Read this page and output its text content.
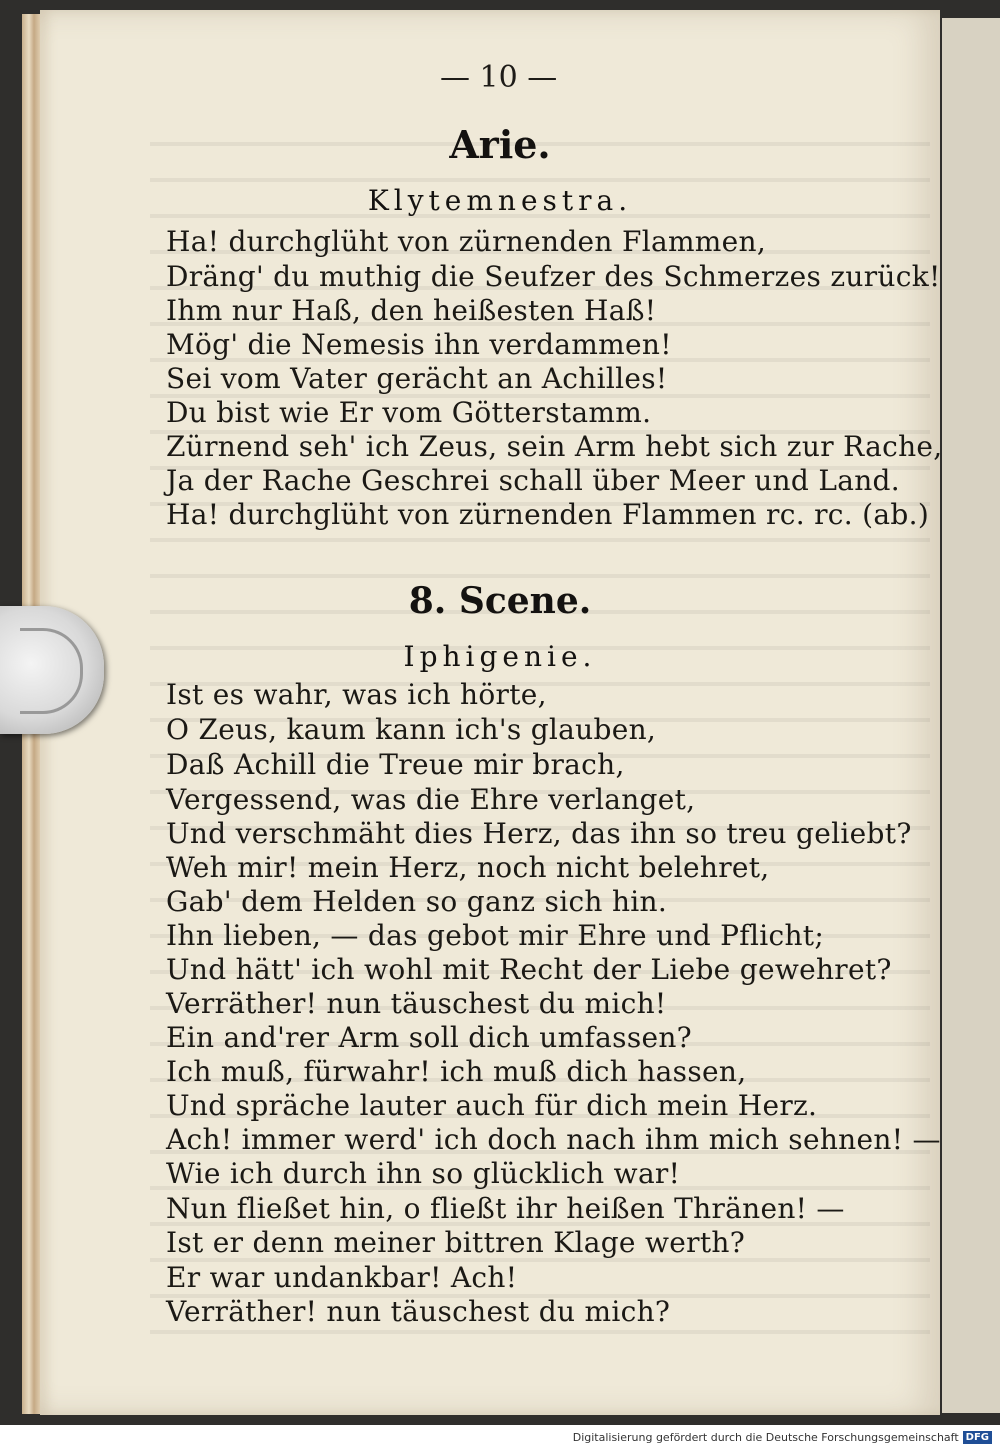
— 10 —
Arie.
Klytemnestra.
Ha! durchglüht von zürnenden Flammen,
Dräng' du muthig die Seufzer des Schmerzes zurück!
Ihm nur Haß, den heißesten Haß!
Mög' die Nemesis ihn verdammen!
Sei vom Vater gerächt an Achilles!
Du bist wie Er vom Götterstamm.
Zürnend seh' ich Zeus, sein Arm hebt sich zur Rache,
Ja der Rache Geschrei schall über Meer und Land.
Ha! durchglüht von zürnenden Flammen rc. rc. (ab.)
8. Scene.
Iphigenie.
Ist es wahr, was ich hörte,
O Zeus, kaum kann ich's glauben,
Daß Achill die Treue mir brach,
Vergessend, was die Ehre verlanget,
Und verschmäht dies Herz, das ihn so treu geliebt?
Weh mir! mein Herz, noch nicht belehret,
Gab' dem Helden so ganz sich hin.
Ihn lieben, — das gebot mir Ehre und Pflicht;
Und hätt' ich wohl mit Recht der Liebe gewehret?
Verräther! nun täuschest du mich!
Ein and'rer Arm soll dich umfassen?
Ich muß, fürwahr! ich muß dich hassen,
Und spräche lauter auch für dich mein Herz.
Ach! immer werd' ich doch nach ihm mich sehnen! —
Wie ich durch ihn so glücklich war!
Nun fließet hin, o fließt ihr heißen Thränen! —
Ist er denn meiner bittren Klage werth?
Er war undankbar! Ach!
Verräther! nun täuschest du mich?
Digitalisierung gefördert durch die Deutsche Forschungsgemeinschaft DFG
